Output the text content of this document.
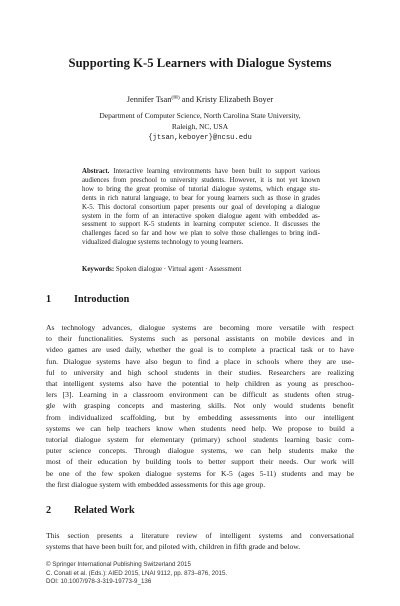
Supporting K-5 Learners with Dialogue Systems
Jennifer Tsan(✉) and Kristy Elizabeth Boyer
Department of Computer Science, North Carolina State University,
Raleigh, NC, USA
{jtsan,keboyer}@ncsu.edu
Abstract. Interactive learning environments have been built to support various
audiences from preschool to university students. However, it is not yet known
how to bring the great promise of tutorial dialogue systems, which engage stu-
dents in rich natural language, to bear for young learners such as those in grades
K-5. This doctoral consortium paper presents our goal of developing a dialogue
system in the form of an interactive spoken dialogue agent with embedded as-
sessment to support K-5 students in learning computer science. It discusses the
challenges faced so far and how we plan to solve those challenges to bring indi-
vidualized dialogue systems technology to young learners.
Keywords: Spoken dialogue · Virtual agent · Assessment
1 Introduction
As technology advances, dialogue systems are becoming more versatile with respect
to their functionalities. Systems such as personal assistants on mobile devices and in
video games are used daily, whether the goal is to complete a practical task or to have
fun. Dialogue systems have also begun to find a place in schools where they are use-
ful to university and high school students in their studies. Researchers are realizing
that intelligent systems also have the potential to help children as young as preschoo-
lers [3]. Learning in a classroom environment can be difficult as students often strug-
gle with grasping concepts and mastering skills. Not only would students benefit
from individualized scaffolding, but by embedding assessments into our intelligent
systems we can help teachers know when students need help. We propose to build a
tutorial dialogue system for elementary (primary) school students learning basic com-
puter science concepts. Through dialogue systems, we can help students make the
most of their education by building tools to better support their needs. Our work will
be one of the few spoken dialogue systems for K-5 (ages 5-11) students and may be
the first dialogue system with embedded assessments for this age group.
2 Related Work
This section presents a literature review of intelligent systems and conversational
systems that have been built for, and piloted with, children in fifth grade and below.
© Springer International Publishing Switzerland 2015
C. Conati et al. (Eds.): AIED 2015, LNAI 9112, pp. 873–876, 2015.
DOI: 10.1007/978-3-319-19773-9_136
